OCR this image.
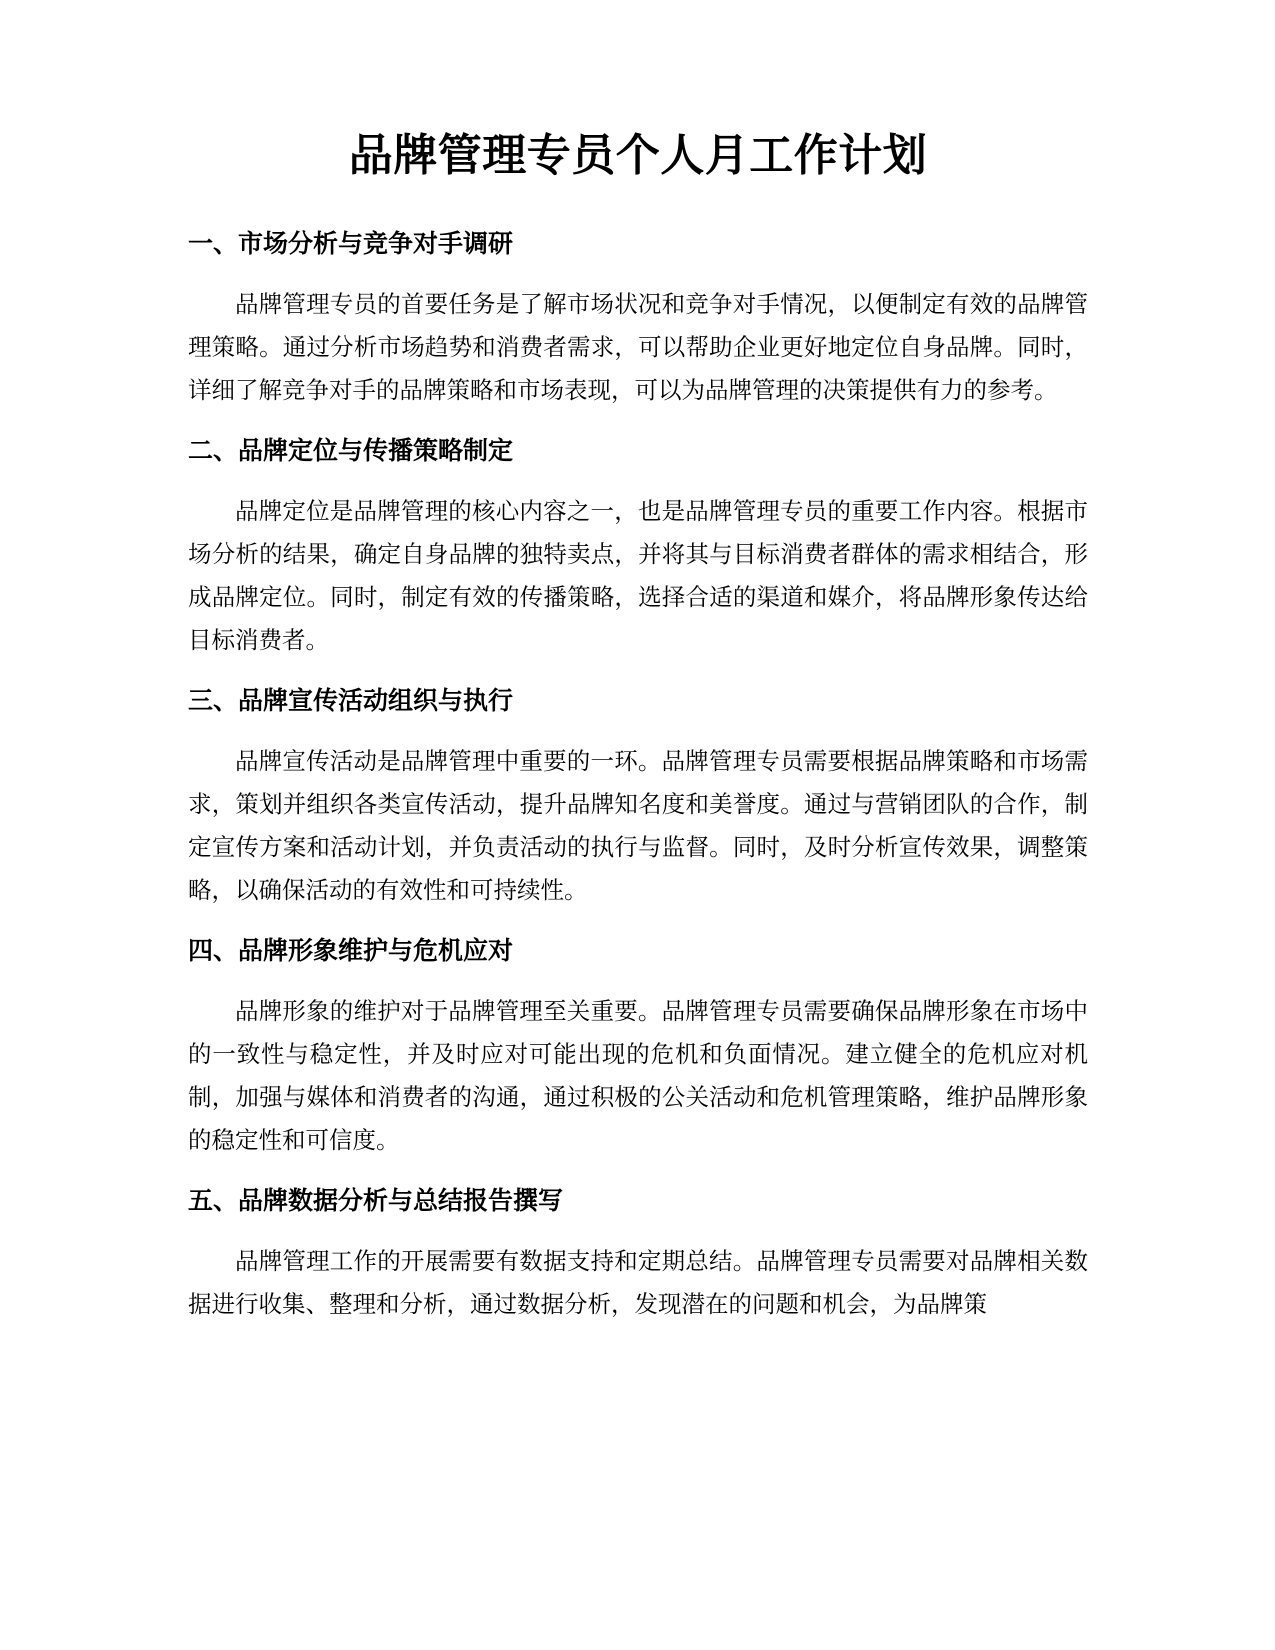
品牌管理专员个人月工作计划
一、市场分析与竞争对手调研

品牌管理专员的首要任务是了解市场状况和竞争对手情况，以便制定有效的品牌管理策略。通过分析市场趋势和消费者需求，可以帮助企业更好地定位自身品牌。同时，详细了解竞争对手的品牌策略和市场表现，可以为品牌管理的决策提供有力的参考。

二、品牌定位与传播策略制定

品牌定位是品牌管理的核心内容之一，也是品牌管理专员的重要工作内容。根据市场分析的结果，确定自身品牌的独特卖点，并将其与目标消费者群体的需求相结合，形成品牌定位。同时，制定有效的传播策略，选择合适的渠道和媒介，将品牌形象传达给目标消费者。

三、品牌宣传活动组织与执行

品牌宣传活动是品牌管理中重要的一环。品牌管理专员需要根据品牌策略和市场需求，策划并组织各类宣传活动，提升品牌知名度和美誉度。通过与营销团队的合作，制定宣传方案和活动计划，并负责活动的执行与监督。同时，及时分析宣传效果，调整策略，以确保活动的有效性和可持续性。

四、品牌形象维护与危机应对

品牌形象的维护对于品牌管理至关重要。品牌管理专员需要确保品牌形象在市场中的一致性与稳定性，并及时应对可能出现的危机和负面情况。建立健全的危机应对机制，加强与媒体和消费者的沟通，通过积极的公关活动和危机管理策略，维护品牌形象的稳定性和可信度。

五、品牌数据分析与总结报告撰写

品牌管理工作的开展需要有数据支持和定期总结。品牌管理专员需要对品牌相关数据进行收集、整理和分析，通过数据分析，发现潜在的问题和机会，为品牌策
